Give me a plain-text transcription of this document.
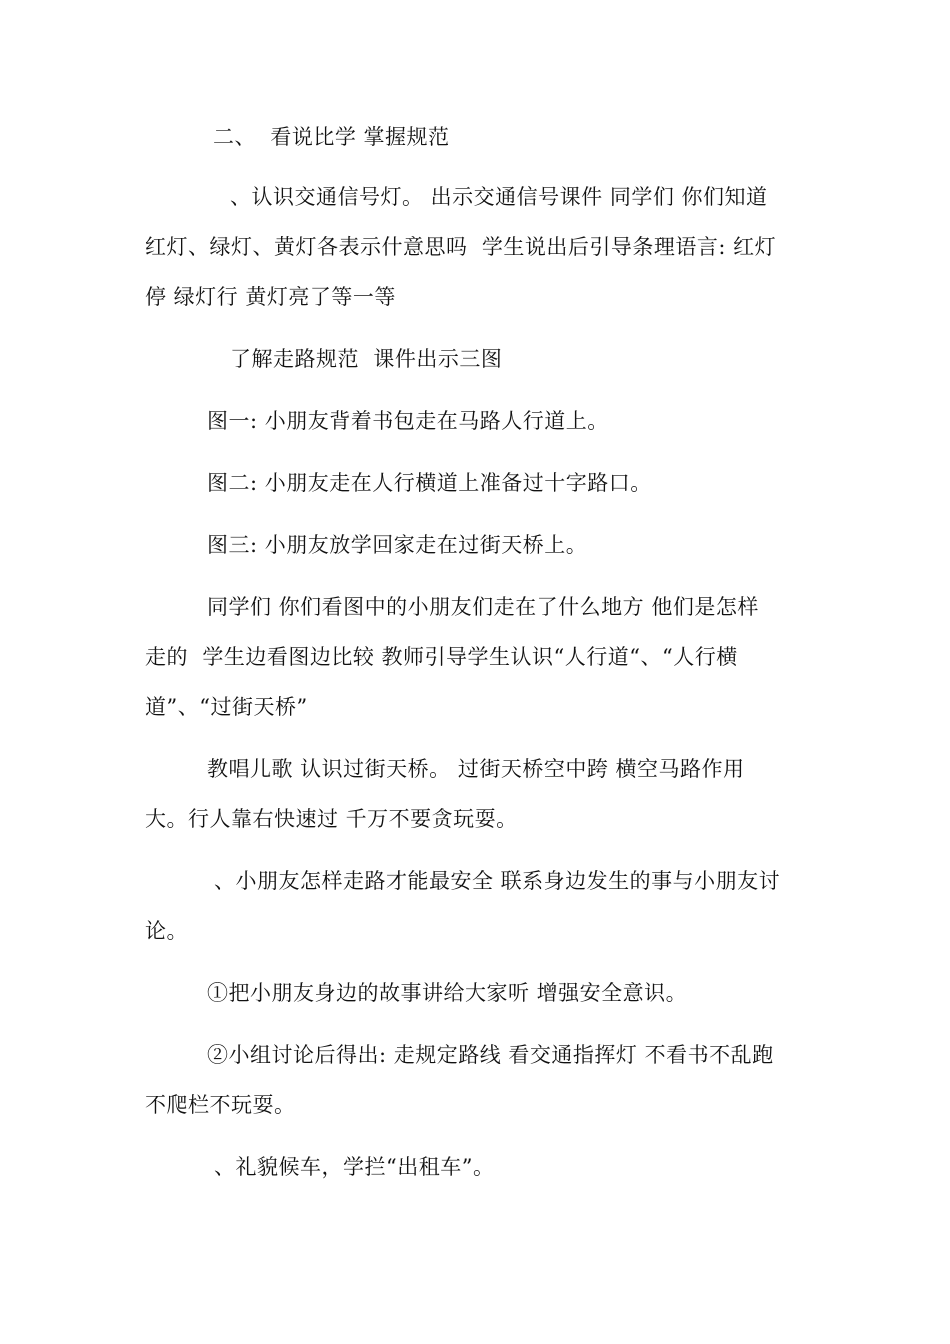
二、  看说比学 掌握规范
、认识交通信号灯。 出示交通信号课件 同学们 你们知道
红灯、绿灯、黄灯各表示什意思吗  学生说出后引导条理语言: 红灯
停 绿灯行 黄灯亮了等一等
了解走路规范  课件出示三图
图一: 小朋友背着书包走在马路人行道上。
图二: 小朋友走在人行横道上准备过十字路口。
图三: 小朋友放学回家走在过街天桥上。
同学们 你们看图中的小朋友们走在了什么地方 他们是怎样
走的  学生边看图边比较 教师引导学生认识“人行道“、“人行横
道”、“过街天桥”
教唱儿歌 认识过街天桥。 过街天桥空中跨 横空马路作用
大。行人靠右快速过 千万不要贪玩耍。
、小朋友怎样走路才能最安全 联系身边发生的事与小朋友讨
论。
①把小朋友身边的故事讲给大家听 增强安全意识。
②小组讨论后得出: 走规定路线 看交通指挥灯 不看书不乱跑
不爬栏不玩耍。
、礼貌候车，学拦“出租车”。
